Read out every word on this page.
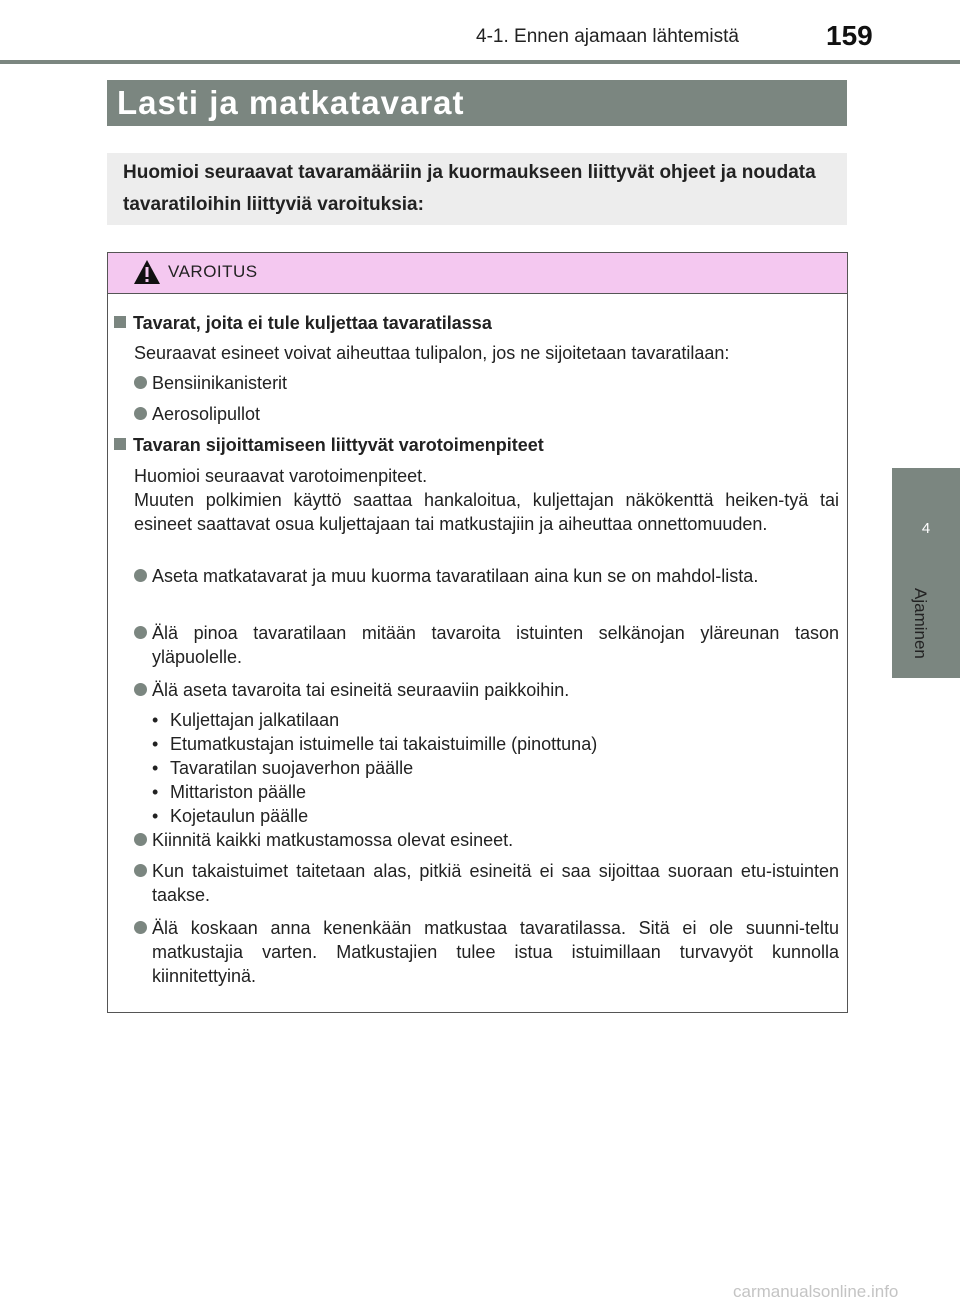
4-1. Ennen ajamaan lähtemistä	159
4
Ajaminen
Lasti ja matkatavarat

Huomioi seuraavat tavaramääriin ja kuormaukseen liittyvät ohjeet ja noudata tavaratiloihin liittyviä varoituksia:

VAROITUS
Tavarat, joita ei tule kuljettaa tavaratilassa

Seuraavat esineet voivat aiheuttaa tulipalon, jos ne sijoitetaan tavaratilaan:

Bensiinikanisterit

Aerosolipullot

Tavaran sijoittamiseen liittyvät varotoimenpiteet

Huomioi seuraavat varotoimenpiteet.

Muuten polkimien käyttö saattaa hankaloitua, kuljettajan näkökenttä heiken-tyä tai esineet saattavat osua kuljettajaan tai matkustajiin ja aiheuttaa onnettomuuden.

Aseta matkatavarat ja muu kuorma tavaratilaan aina kun se on mahdol-lista.

Älä pinoa tavaratilaan mitään tavaroita istuinten selkänojan yläreunan tason yläpuolelle.

Älä aseta tavaroita tai esineitä seuraaviin paikkoihin.

• Kuljettajan jalkatilaan
• Etumatkustajan istuimelle tai takaistuimille (pinottuna)
• Tavaratilan suojaverhon päälle
• Mittariston päälle
• Kojetaulun päälle

Kiinnitä kaikki matkustamossa olevat esineet.

Kun takaistuimet taitetaan alas, pitkiä esineitä ei saa sijoittaa suoraan etu-istuinten taakse.

Älä koskaan anna kenenkään matkustaa tavaratilassa. Sitä ei ole suunni-teltu matkustajia varten. Matkustajien tulee istua istuimillaan turvavyöt kunnolla kiinnitettyinä.

carmanualsonline.info
